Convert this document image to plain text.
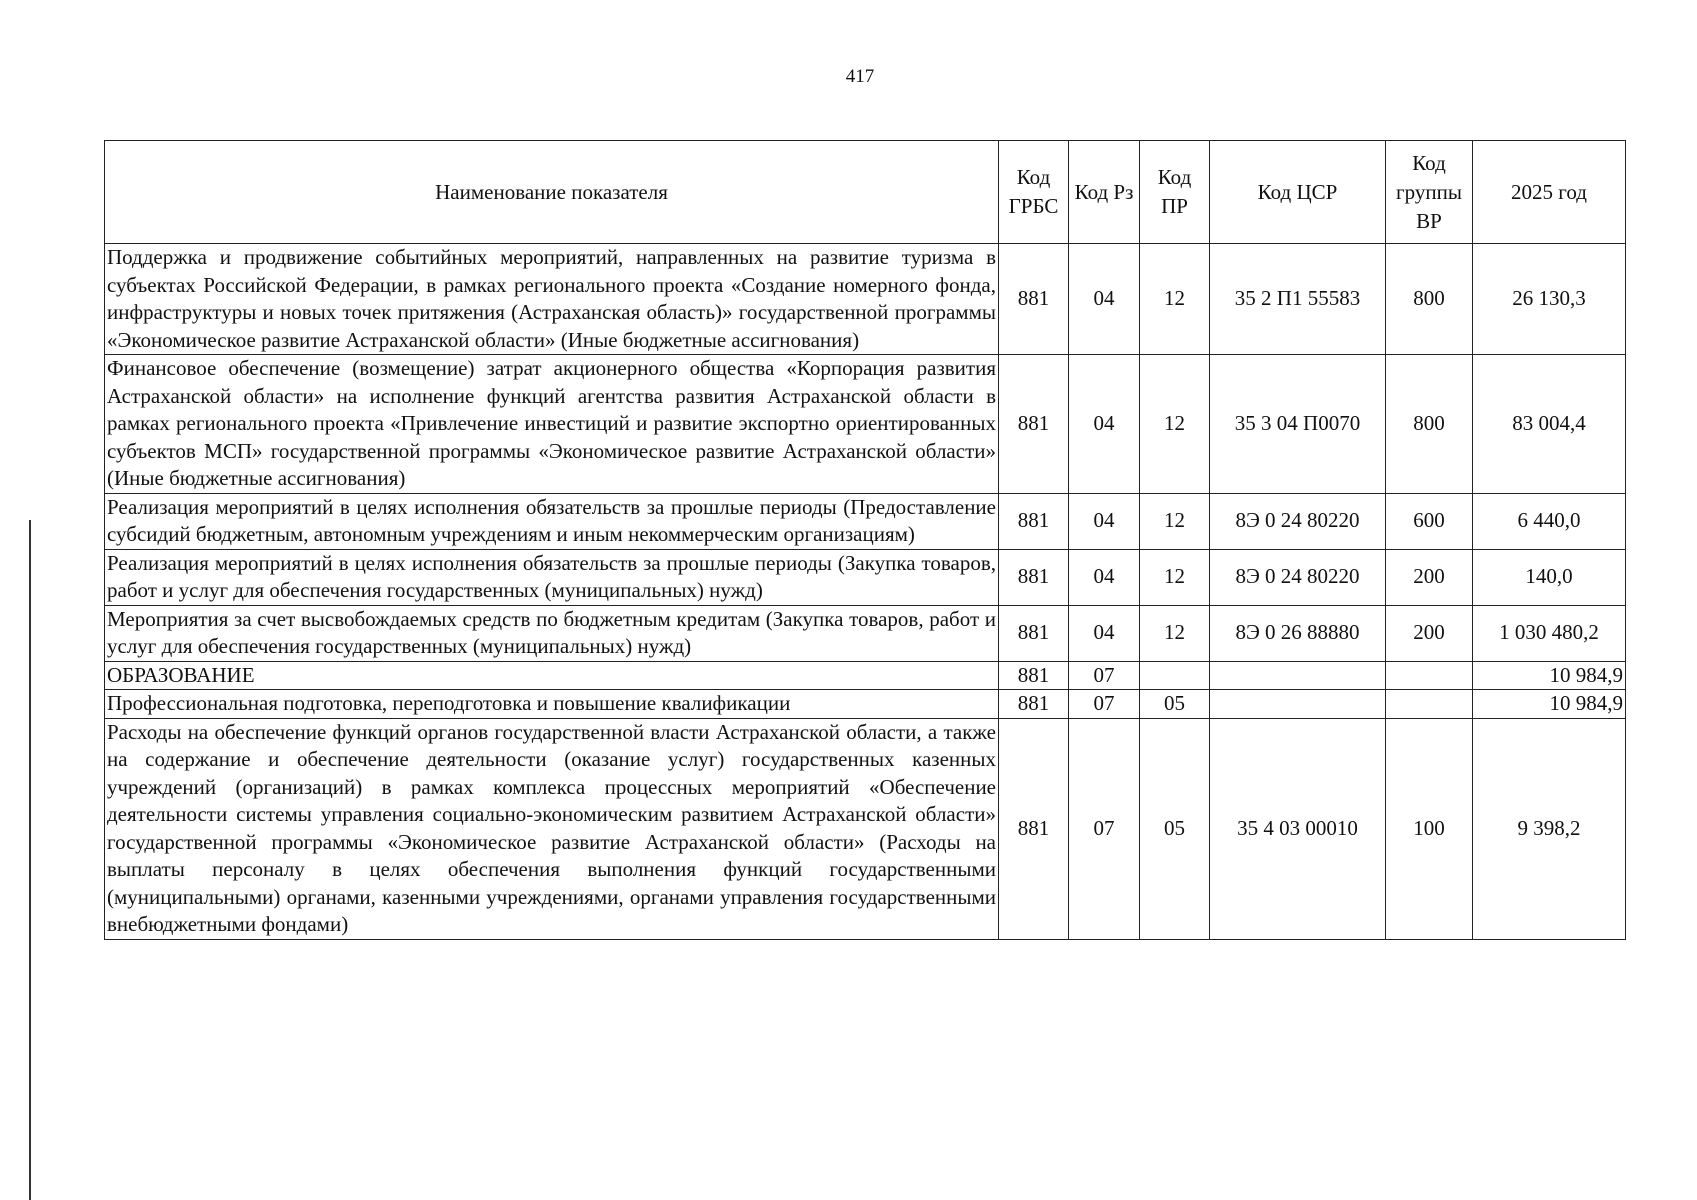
417
Наименование показателя	Код ГРБС	Код Рз	Код ПР	Код ЦСР	Код группы ВР	2025 год
Поддержка и продвижение событийных мероприятий, направленных на развитие туризма в субъектах Российской Федерации, в рамках регионального проекта «Создание номерного фонда, инфраструктуры и новых точек притяжения (Астраханская область)» государственной программы «Экономическое развитие Астраханской области» (Иные бюджетные ассигнования)	881	04	12	35 2 П1 55583	800	26 130,3
Финансовое обеспечение (возмещение) затрат акционерного общества «Корпорация развития Астраханской области» на исполнение функций агентства развития Астраханской области в рамках регионального проекта «Привлечение инвестиций и развитие экспортно ориентированных субъектов МСП» государственной программы «Экономическое развитие Астраханской области» (Иные бюджетные ассигнования)	881	04	12	35 3 04 П0070	800	83 004,4
Реализация мероприятий в целях исполнения обязательств за прошлые периоды (Предоставление субсидий бюджетным, автономным учреждениям и иным некоммерческим организациям)	881	04	12	8Э 0 24 80220	600	6 440,0
Реализация мероприятий в целях исполнения обязательств за прошлые периоды (Закупка товаров, работ и услуг для обеспечения государственных (муниципальных) нужд)	881	04	12	8Э 0 24 80220	200	140,0
Мероприятия за счет высвобождаемых средств по бюджетным кредитам (Закупка товаров, работ и услуг для обеспечения государственных (муниципальных) нужд)	881	04	12	8Э 0 26 88880	200	1 030 480,2
ОБРАЗОВАНИЕ	881	07				10 984,9
Профессиональная подготовка, переподготовка и повышение квалификации	881	07	05			10 984,9
Расходы на обеспечение функций органов государственной власти Астраханской области, а также на содержание и обеспечение деятельности (оказание услуг) государственных казенных учреждений (организаций) в рамках комплекса процессных мероприятий «Обеспечение деятельности системы управления социально-экономическим развитием Астраханской области» государственной программы «Экономическое развитие Астраханской области» (Расходы на выплаты персоналу в целях обеспечения выполнения функций государственными (муниципальными) органами, казенными учреждениями, органами управления государственными внебюджетными фондами)	881	07	05	35 4 03 00010	100	9 398,2
